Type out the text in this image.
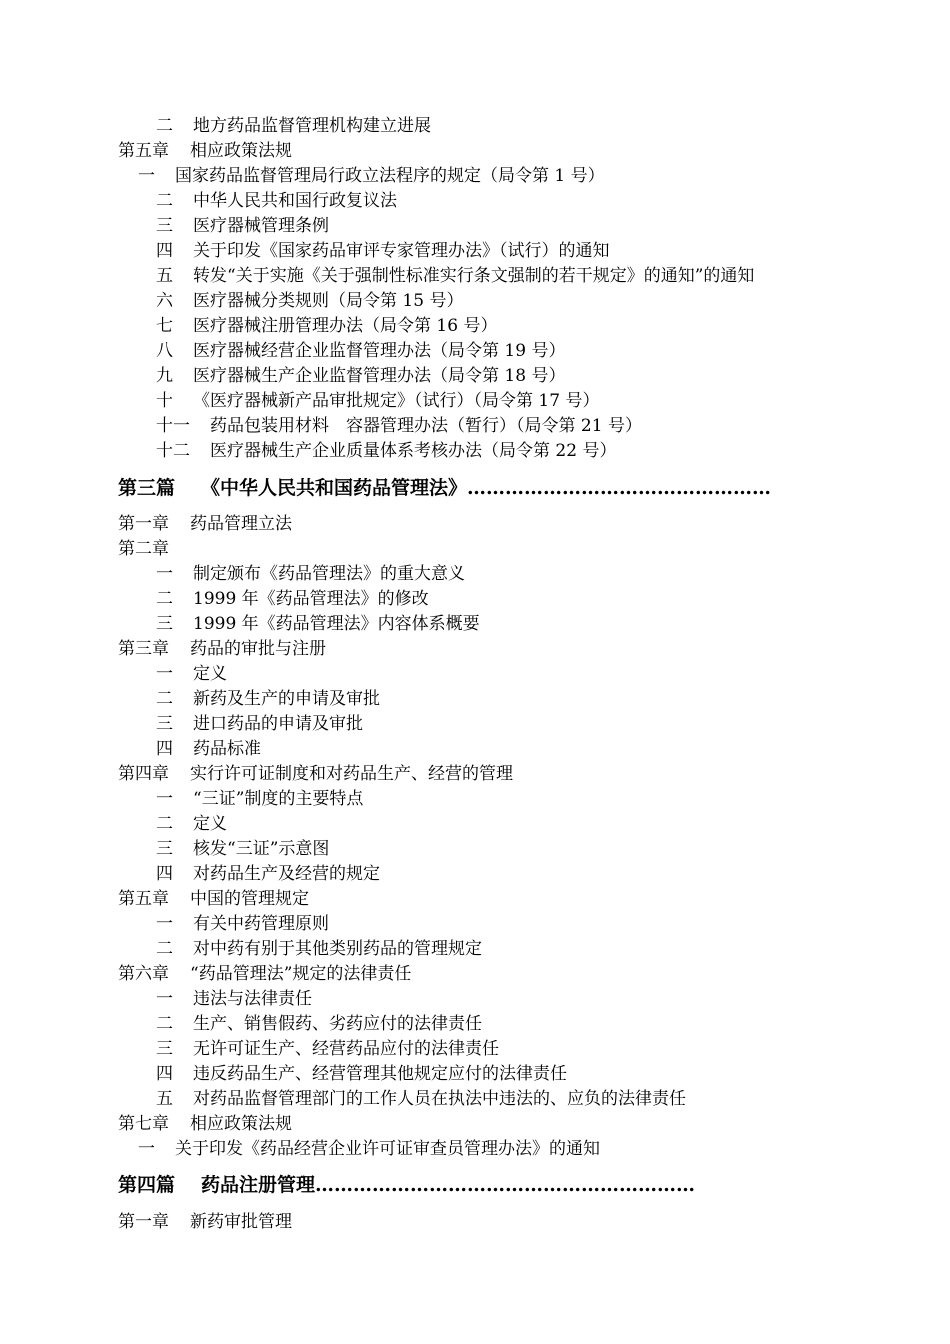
二 地方药品监督管理机构建立进展
第五章 相应政策法规
一 国家药品监督管理局行政立法程序的规定（局令第 1 号）
二 中华人民共和国行政复议法
三 医疗器械管理条例
四 关于印发《国家药品审评专家管理办法》（试行）的通知
五 转发“关于实施《关于强制性标准实行条文强制的若干规定》的通知”的通知
六 医疗器械分类规则（局令第 15 号）
七 医疗器械注册管理办法（局令第 16 号）
八 医疗器械经营企业监督管理办法（局令第 19 号）
九 医疗器械生产企业监督管理办法（局令第 18 号）
十 《医疗器械新产品审批规定》（试行）（局令第 17 号）
十一 药品包装用材料　容器管理办法（暂行）（局令第 21 号）
十二 医疗器械生产企业质量体系考核办法（局令第 22 号）
第三篇 《中华人民共和国药品管理法》…………………………………………
第一章 药品管理立法
第二章
一 制定颁布《药品管理法》的重大意义
二 1999 年《药品管理法》的修改
三 1999 年《药品管理法》内容体系概要
第三章 药品的审批与注册
一 定义
二 新药及生产的申请及审批
三 进口药品的申请及审批
四 药品标准
第四章 实行许可证制度和对药品生产、经营的管理
一 “三证”制度的主要特点
二 定义
三 核发“三证”示意图
四 对药品生产及经营的规定
第五章 中国的管理规定
一 有关中药管理原则
二 对中药有别于其他类别药品的管理规定
第六章 “药品管理法”规定的法律责任
一 违法与法律责任
二 生产、销售假药、劣药应付的法律责任
三 无许可证生产、经营药品应付的法律责任
四 违反药品生产、经营管理其他规定应付的法律责任
五 对药品监督管理部门的工作人员在执法中违法的、应负的法律责任
第七章 相应政策法规
一 关于印发《药品经营企业许可证审查员管理办法》的通知
第四篇 药品注册管理……………………………………………………
第一章 新药审批管理
